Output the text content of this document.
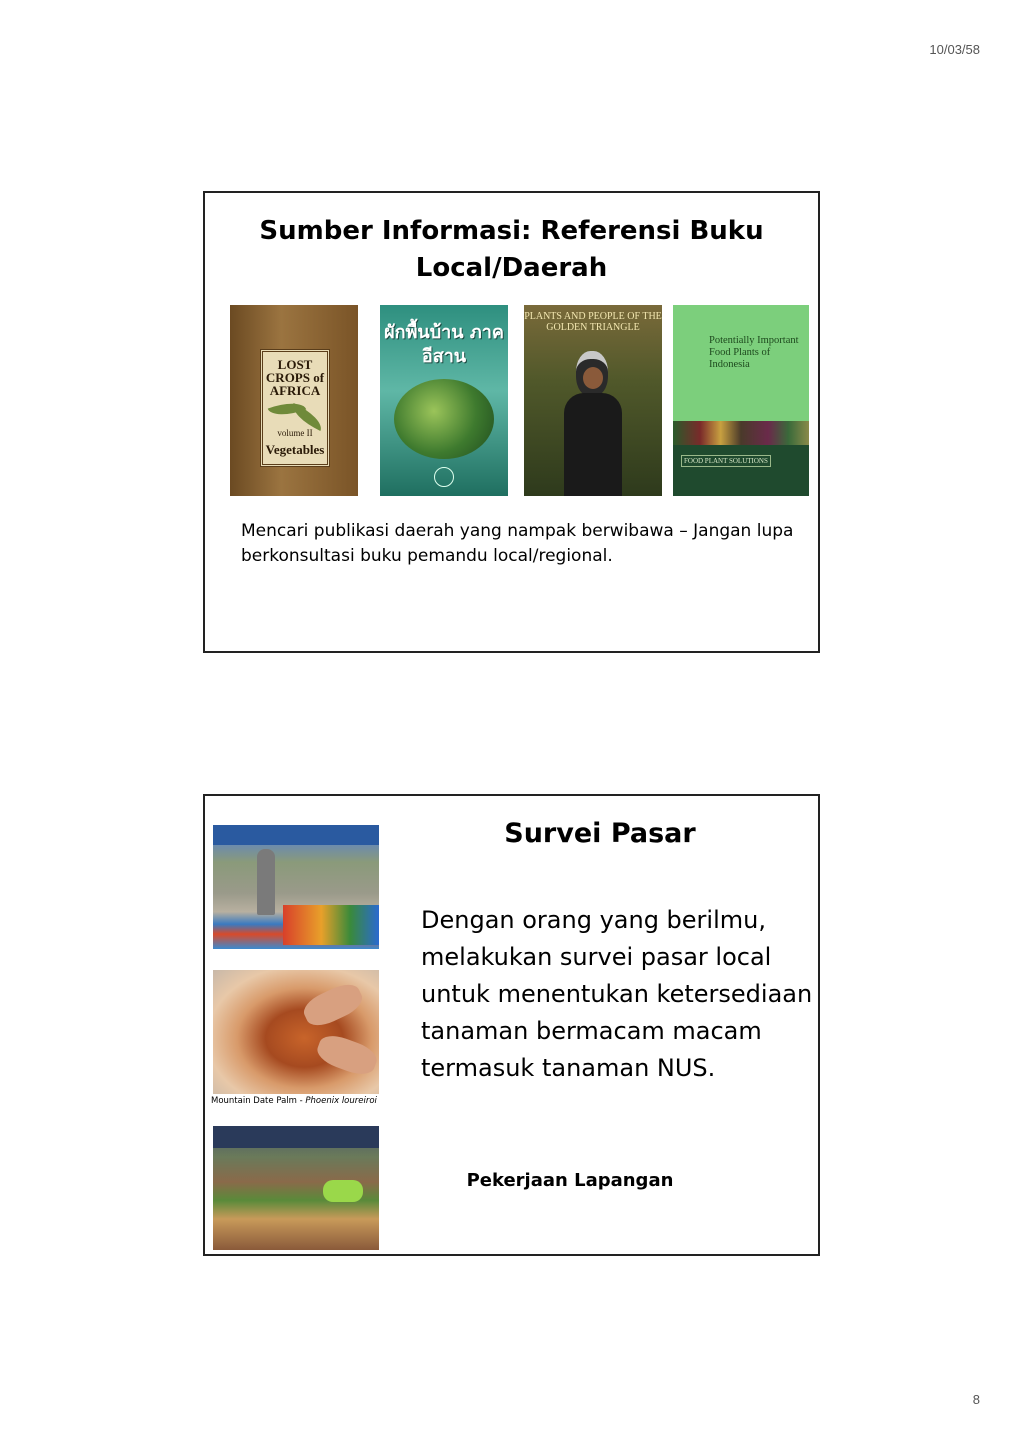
10/03/58
Sumber Informasi: Referensi Buku Local/Daerah
LOST CROPS of AFRICA
volume II
Vegetables
ผักพื้นบ้าน ภาคอีสาน
PLANTS AND PEOPLE OF THE GOLDEN TRIANGLE
Potentially Important Food Plants of Indonesia
FOOD PLANT SOLUTIONS
Mencari publikasi daerah yang nampak berwibawa – Jangan lupa berkonsultasi buku pemandu local/regional.
Mountain Date Palm - Phoenix loureiroi
Survei Pasar
Dengan orang yang berilmu, melakukan survei pasar local untuk menentukan ketersediaan tanaman bermacam macam termasuk tanaman NUS.
Pekerjaan Lapangan
8
